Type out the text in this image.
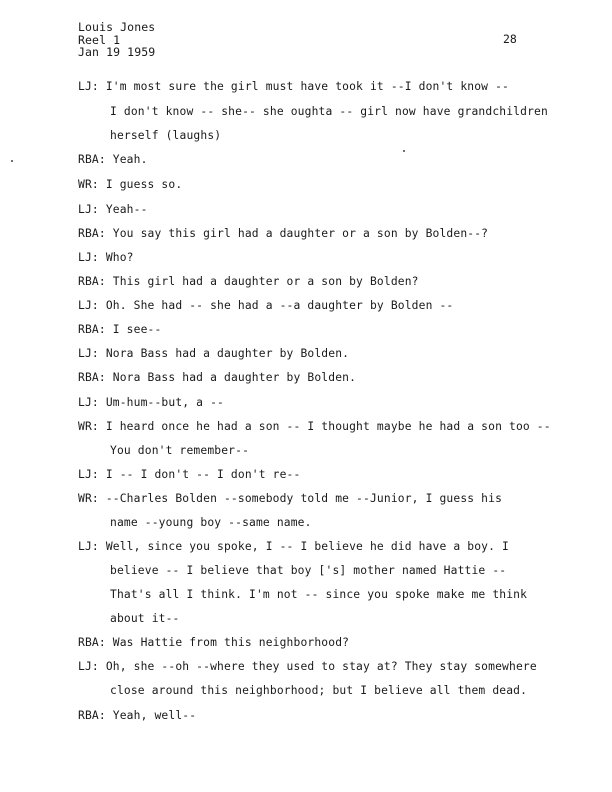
Louis Jones
Reel 1
Jan 19 1959
28
LJ: I'm most sure the girl must have took it --I don't know --
I don't know -- she-- she oughta -- girl now have grandchildren
herself (laughs)
RBA: Yeah.
WR: I guess so.
LJ: Yeah--
RBA: You say this girl had a daughter or a son by Bolden--?
LJ: Who?
RBA: This girl had a daughter or a son by Bolden?
LJ: Oh. She had -- she had a --a daughter by Bolden --
RBA: I see--
LJ: Nora Bass had a daughter by Bolden.
RBA: Nora Bass had a daughter by Bolden.
LJ: Um-hum--but, a --
WR: I heard once he had a son -- I thought maybe he had a son too --
You don't remember--
LJ: I -- I don't -- I don't re--
WR: --Charles Bolden --somebody told me --Junior, I guess his
name --young boy --same name.
LJ: Well, since you spoke, I -- I believe he did have a boy. I
believe -- I believe that boy ['s] mother named Hattie --
That's all I think. I'm not -- since you spoke make me think
about it--
RBA: Was Hattie from this neighborhood?
LJ: Oh, she --oh --where they used to stay at? They stay somewhere
close around this neighborhood; but I believe all them dead.
RBA: Yeah, well--
